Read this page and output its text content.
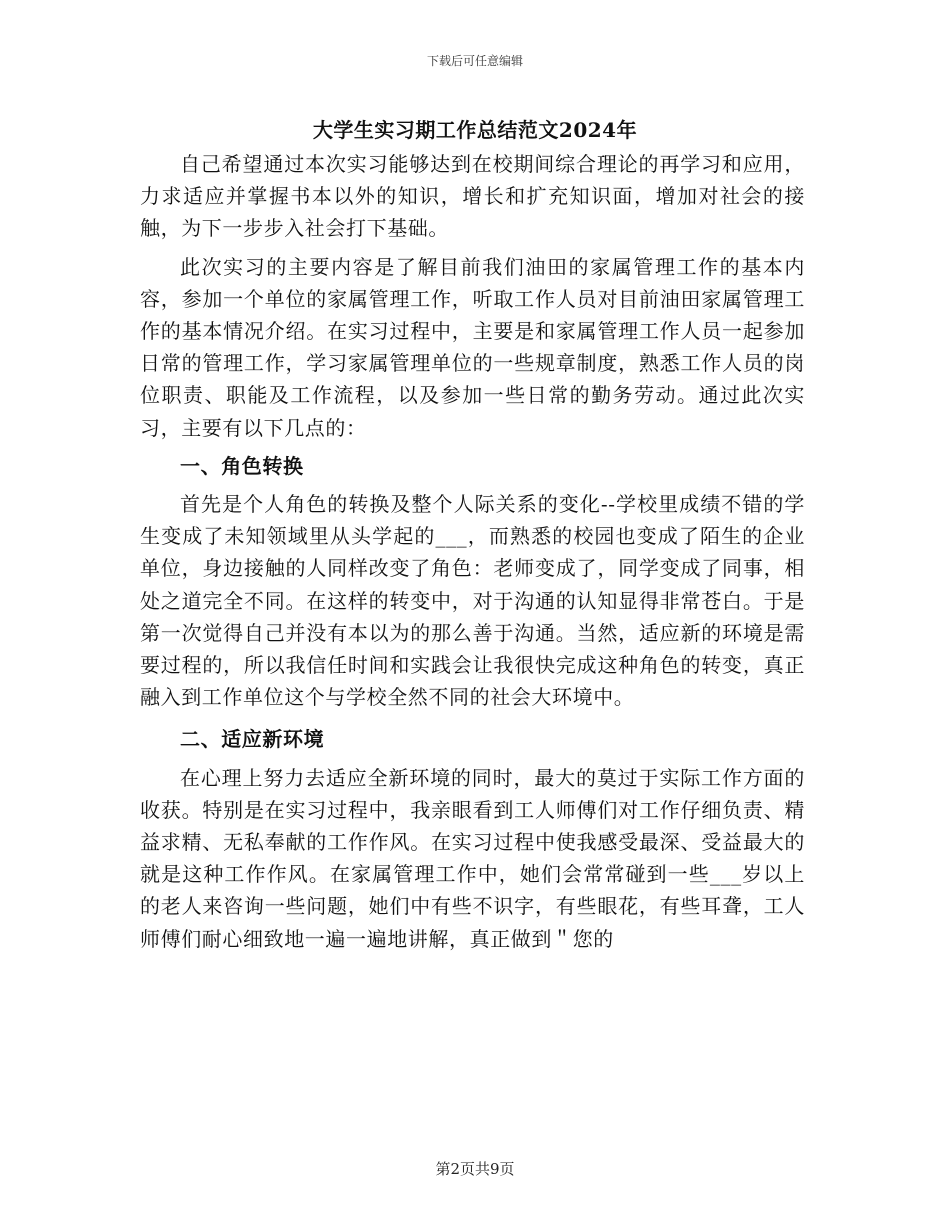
下载后可任意编辑
大学生实习期工作总结范文2024年

自己希望通过本次实习能够达到在校期间综合理论的再学习和应用，力求适应并掌握书本以外的知识，增长和扩充知识面，增加对社会的接触，为下一步步入社会打下基础。

此次实习的主要内容是了解目前我们油田的家属管理工作的基本内容，参加一个单位的家属管理工作，听取工作人员对目前油田家属管理工作的基本情况介绍。在实习过程中，主要是和家属管理工作人员一起参加日常的管理工作，学习家属管理单位的一些规章制度，熟悉工作人员的岗位职责、职能及工作流程，以及参加一些日常的勤务劳动。通过此次实习，主要有以下几点的：

一、角色转换

首先是个人角色的转换及整个人际关系的变化--学校里成绩不错的学生变成了未知领域里从头学起的___，而熟悉的校园也变成了陌生的企业单位，身边接触的人同样改变了角色：老师变成了，同学变成了同事，相处之道完全不同。在这样的转变中，对于沟通的认知显得非常苍白。于是第一次觉得自己并没有本以为的那么善于沟通。当然，适应新的环境是需要过程的，所以我信任时间和实践会让我很快完成这种角色的转变，真正融入到工作单位这个与学校全然不同的社会大环境中。

二、适应新环境

在心理上努力去适应全新环境的同时，最大的莫过于实际工作方面的收获。特别是在实习过程中，我亲眼看到工人师傅们对工作仔细负责、精益求精、无私奉献的工作作风。在实习过程中使我感受最深、受益最大的就是这种工作作风。在家属管理工作中，她们会常常碰到一些___岁以上的老人来咨询一些问题，她们中有些不识字，有些眼花，有些耳聋，工人师傅们耐心细致地一遍一遍地讲解，真正做到＂您的

第2页共9页
